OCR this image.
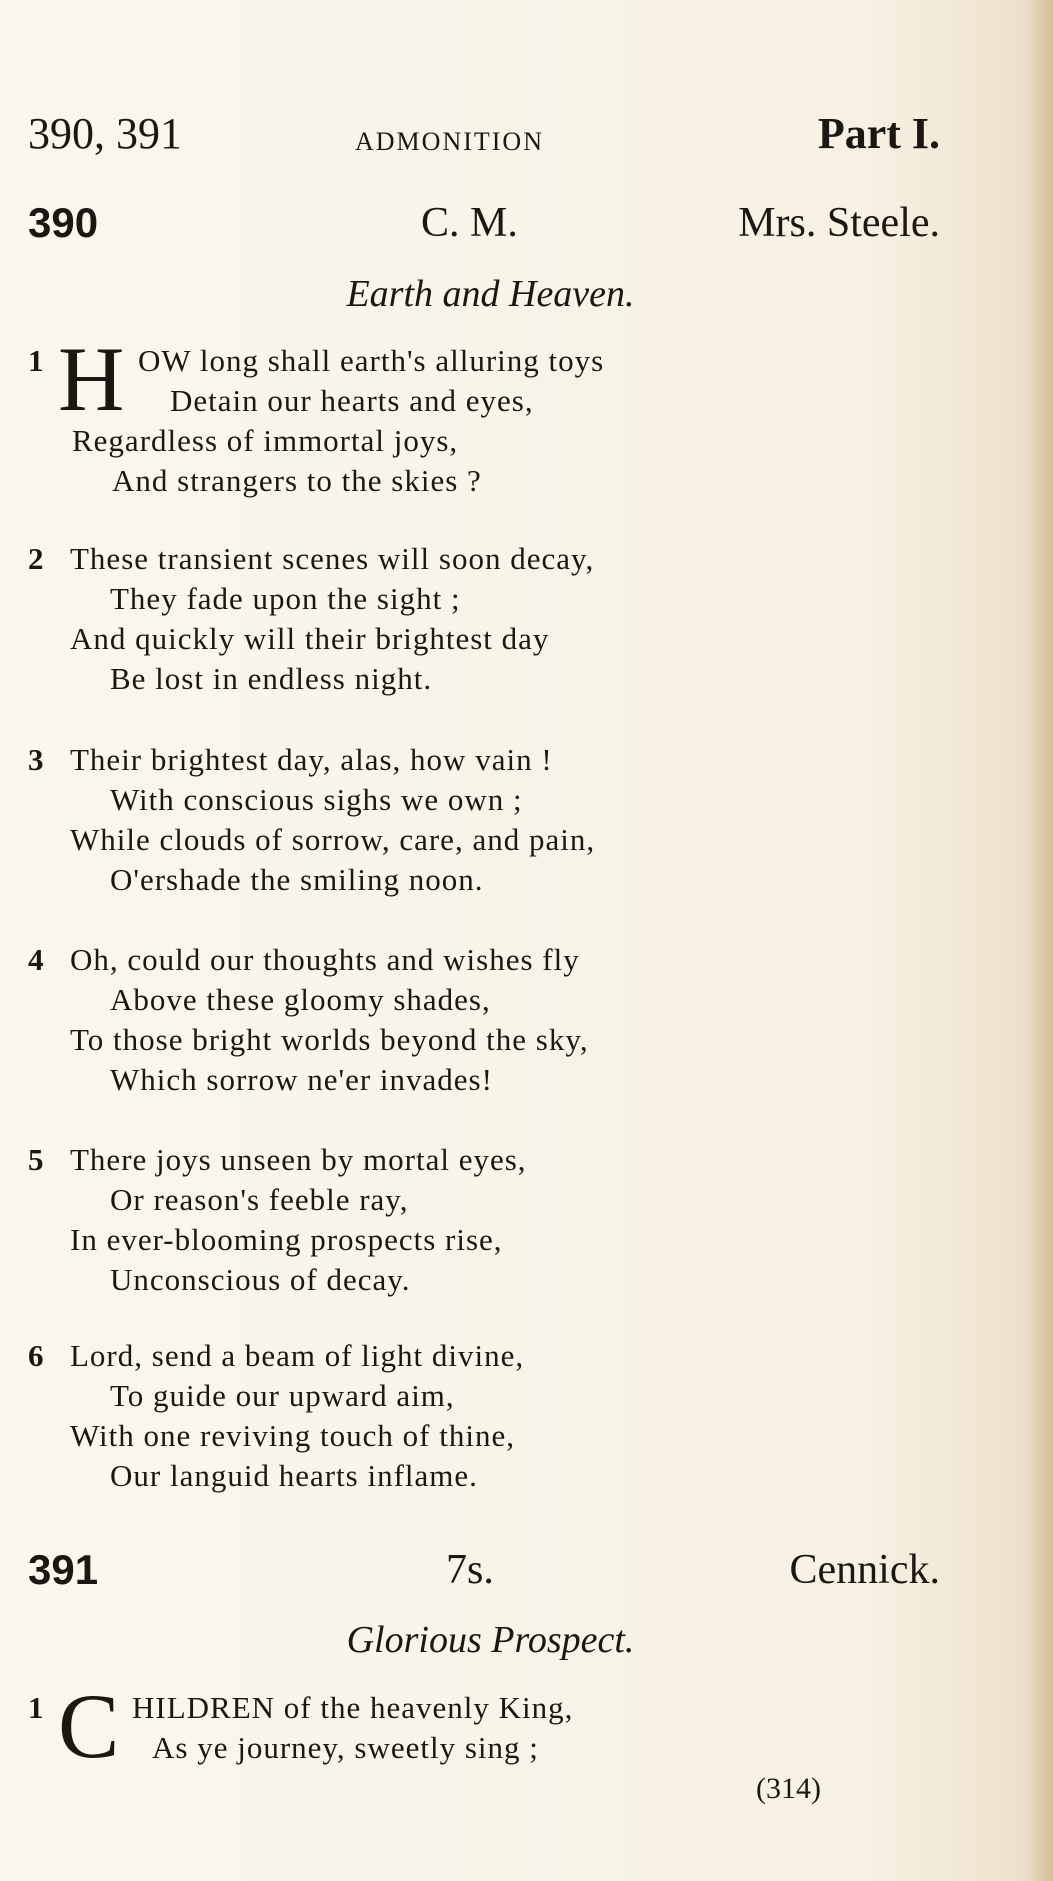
390, 391	ADMONITION	Part I.
390	C. M.	Mrs. Steele.
Earth and Heaven.
1 H OW long shall earth's alluring toys
Detain our hearts and eyes,
Regardless of immortal joys,
And strangers to the skies ?
2 These transient scenes will soon decay,
They fade upon the sight ;
And quickly will their brightest day
Be lost in endless night.
3 Their brightest day, alas, how vain !
With conscious sighs we own ;
While clouds of sorrow, care, and pain,
O'ershade the smiling noon.
4 Oh, could our thoughts and wishes fly
Above these gloomy shades,
To those bright worlds beyond the sky,
Which sorrow ne'er invades!
5 There joys unseen by mortal eyes,
Or reason's feeble ray,
In ever-blooming prospects rise,
Unconscious of decay.
6 Lord, send a beam of light divine,
To guide our upward aim,
With one reviving touch of thine,
Our languid hearts inflame.
391	7s.	Cennick.
Glorious Prospect.
1 C HILDREN of the heavenly King,
As ye journey, sweetly sing ;
(314)
